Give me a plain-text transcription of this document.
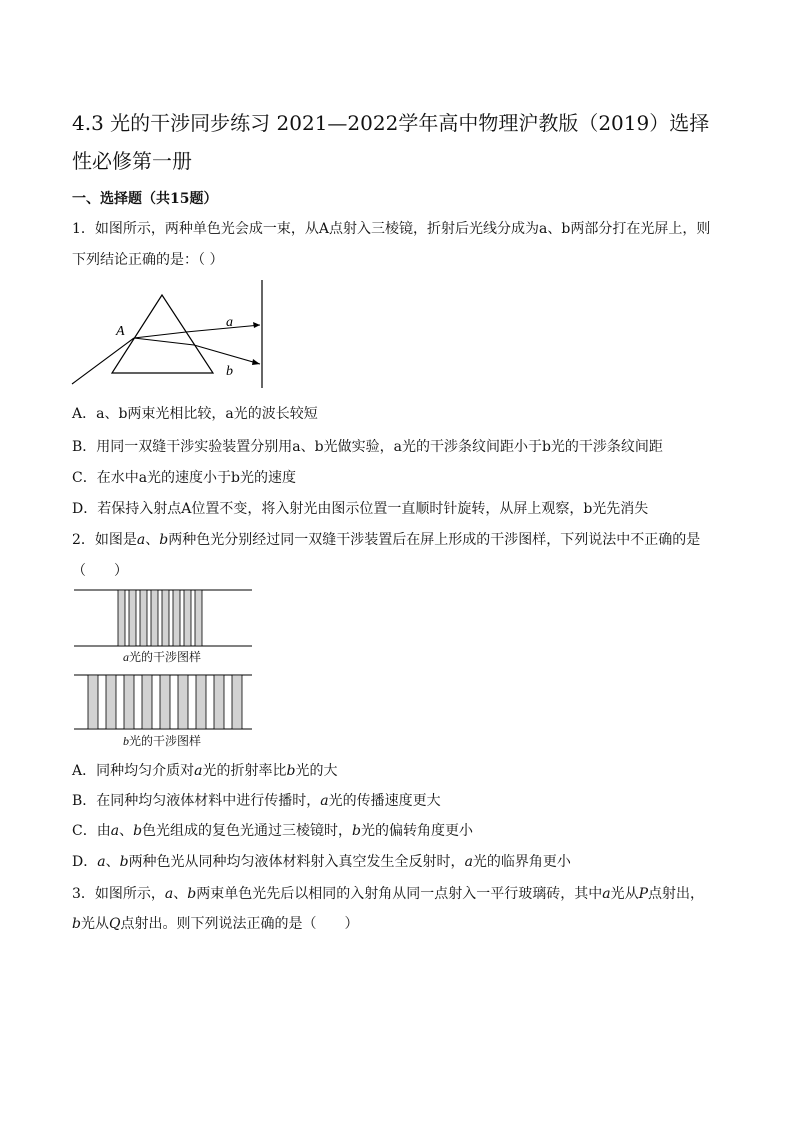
4.3 光的干涉同步练习 2021—2022学年高中物理沪教版（2019）选择性必修第一册
一、选择题（共15题）
1．如图所示，两种单色光会成一束，从A点射入三棱镜，折射后光线分成为a、b两部分打在光屏上，则
下列结论正确的是：（ ）
A
a
b
A．a、b两束光相比较，a光的波长较短
B．用同一双缝干涉实验装置分别用a、b光做实验，a光的干涉条纹间距小于b光的干涉条纹间距
C．在水中a光的速度小于b光的速度
D．若保持入射点A位置不变，将入射光由图示位置一直顺时针旋转，从屏上观察，b光先消失
2．如图是a、b两种色光分别经过同一双缝干涉装置后在屏上形成的干涉图样，下列说法中不正确的是
（　　）
a光的干涉图样
b光的干涉图样
A．同种均匀介质对a光的折射率比b光的大
B．在同种均匀液体材料中进行传播时，a光的传播速度更大
C．由a、b色光组成的复色光通过三棱镜时，b光的偏转角度更小
D．a、b两种色光从同种均匀液体材料射入真空发生全反射时，a光的临界角更小
3．如图所示，a、b两束单色光先后以相同的入射角从同一点射入一平行玻璃砖，其中a光从P点射出，
b光从Q点射出。则下列说法正确的是（　　）
